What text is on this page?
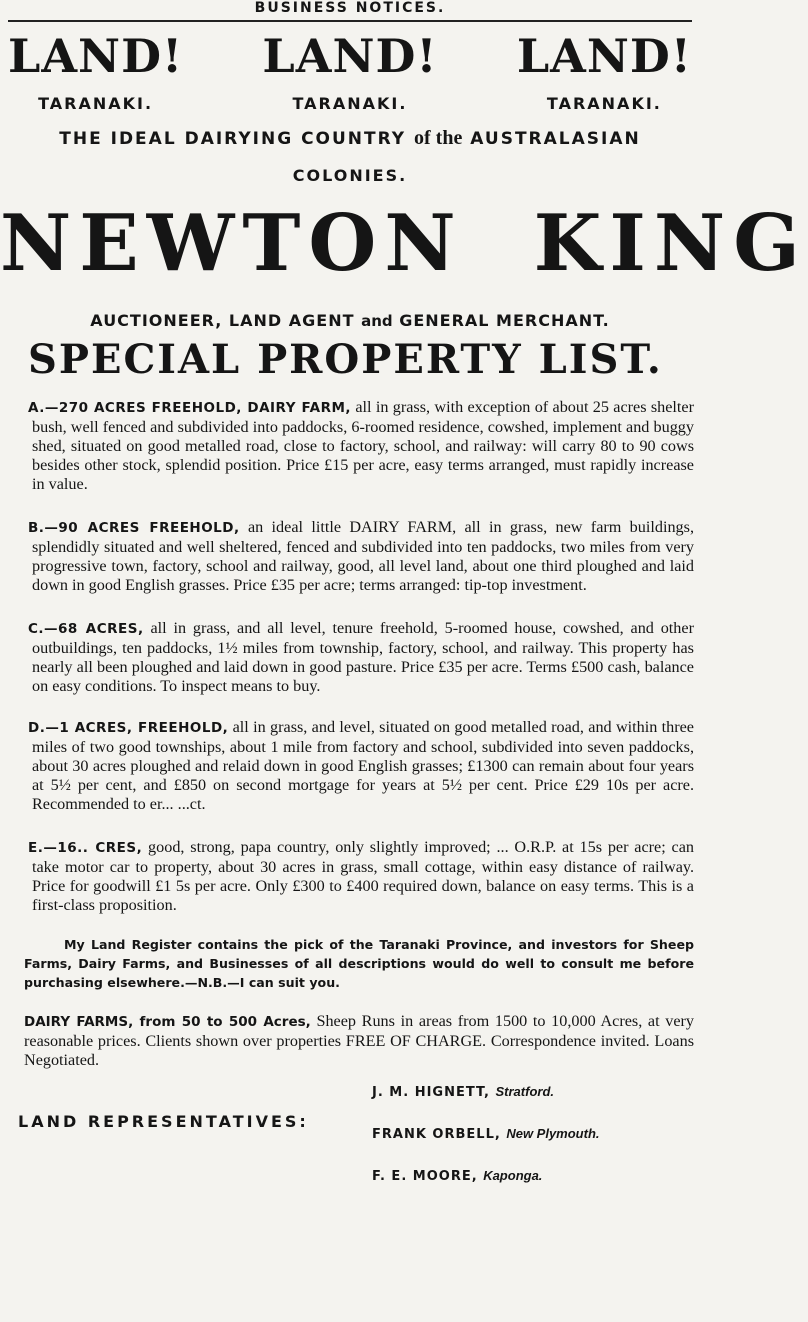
BUSINESS NOTICES.
LAND!
TARANAKI.
LAND!
TARANAKI.
LAND!
TARANAKI.
THE IDEAL DAIRYING COUNTRY of the AUSTRALASIAN
COLONIES.
NEWTON KING
AUCTIONEER, LAND AGENT and GENERAL MERCHANT.
SPECIAL PROPERTY LIST.

A.—270 ACRES FREEHOLD, DAIRY FARM, all in grass, with exception of about 25 acres shelter bush, well fenced and subdivided into paddocks, 6-roomed residence, cowshed, implement and buggy shed, situated on good metalled road, close to factory, school, and railway: will carry 80 to 90 cows besides other stock, splendid position. Price £15 per acre, easy terms arranged, must rapidly increase in value.

B.—90 ACRES FREEHOLD, an ideal little DAIRY FARM, all in grass, new farm buildings, splendidly situated and well sheltered, fenced and subdivided into ten paddocks, two miles from very progressive town, factory, school and railway, good, all level land, about one third ploughed and laid down in good English grasses. Price £35 per acre; terms arranged: tip-top investment.

C.—68 ACRES, all in grass, and all level, tenure freehold, 5-roomed house, cowshed, and other outbuildings, ten paddocks, 1½ miles from township, factory, school, and railway. This property has nearly all been ploughed and laid down in good pasture. Price £35 per acre. Terms £500 cash, balance on easy conditions. To inspect means to buy.

D.—1 ACRES, FREEHOLD, all in grass, and level, situated on good metalled road, and within three miles of two good townships, about 1 mile from factory and school, subdivided into seven paddocks, about 30 acres ploughed and relaid down in good English grasses; £1300 can remain about four years at 5½ per cent, and £850 on second mortgage for years at 5½ per cent. Price £29 10s per acre. Recommended to er... ...ct.

E.—16.. CRES, good, strong, papa country, only slightly improved; ... O.R.P. at 15s per acre; can take motor car to property, about 30 acres in grass, small cottage, within easy distance of railway. Price for goodwill £1 5s per acre. Only £300 to £400 required down, balance on easy terms. This is a first-class proposition.

My Land Register contains the pick of the Taranaki Province, and investors for Sheep Farms, Dairy Farms, and Businesses of all descriptions would do well to consult me before purchasing elsewhere.—N.B.—I can suit you.

DAIRY FARMS, from 50 to 500 Acres, Sheep Runs in areas from 1500 to 10,000 Acres, at very reasonable prices. Clients shown over properties FREE OF CHARGE. Correspondence invited. Loans Negotiated.

LAND REPRESENTATIVES:
J. M. HIGNETT, Stratford.
FRANK ORBELL, New Plymouth.
F. E. MOORE, Kaponga.
